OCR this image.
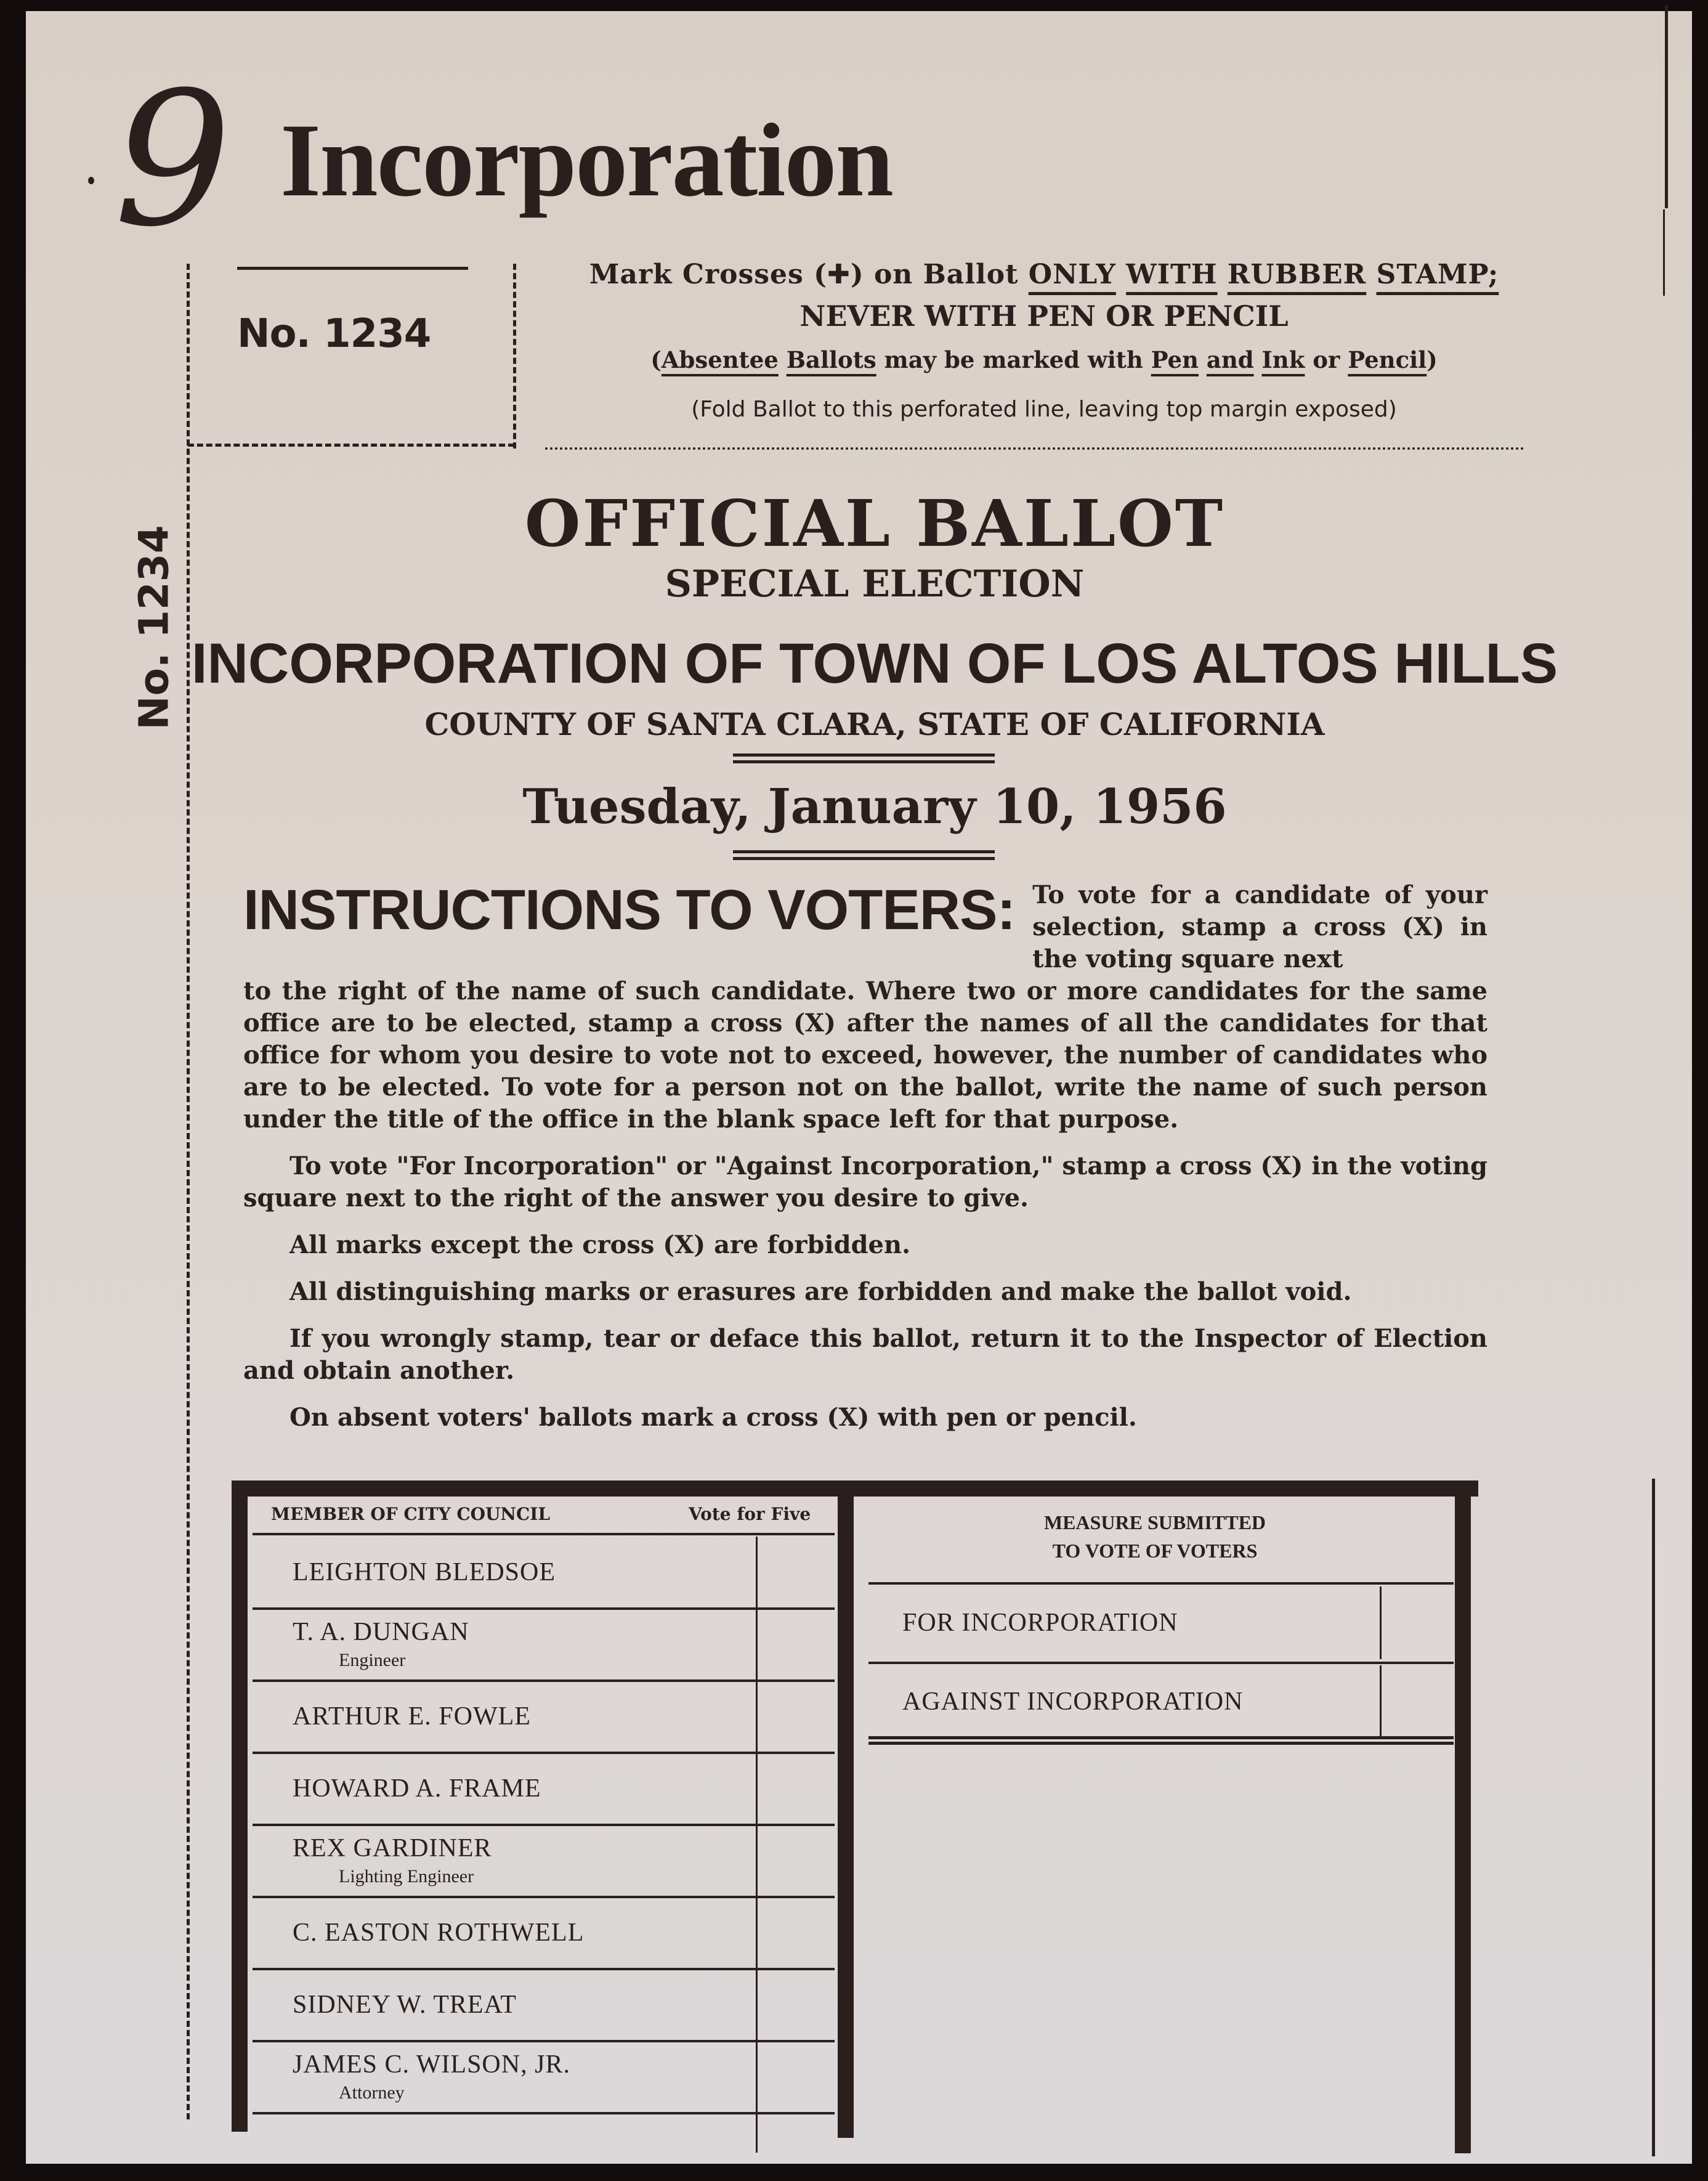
9 Incorporation
No. 1234
No. 1234
Mark Crosses (✚) on Ballot ONLY WITH RUBBER STAMP;
NEVER WITH PEN OR PENCIL
(Absentee Ballots may be marked with Pen and Ink or Pencil)
(Fold Ballot to this perforated line, leaving top margin exposed)
OFFICIAL BALLOT
SPECIAL ELECTION
INCORPORATION OF TOWN OF LOS ALTOS HILLS
COUNTY OF SANTA CLARA, STATE OF CALIFORNIA
Tuesday, January 10, 1956
INSTRUCTIONS TO VOTERS: To vote for a candidate of your selection, stamp a cross (X) in the voting square next

to the right of the name of such candidate. Where two or more candidates for the same office are to be elected, stamp a cross (X) after the names of all the candidates for that office for whom you desire to vote not to exceed, however, the number of candidates who are to be elected. To vote for a person not on the ballot, write the name of such person under the title of the office in the blank space left for that purpose.

To vote "For Incorporation" or "Against Incorporation," stamp a cross (X) in the voting square next to the right of the answer you desire to give.

All marks except the cross (X) are forbidden.

All distinguishing marks or erasures are forbidden and make the ballot void.

If you wrongly stamp, tear or deface this ballot, return it to the Inspector of Election and obtain another.

On absent voters' ballots mark a cross (X) with pen or pencil.

MEMBER OF CITY COUNCIL	Vote for Five
LEIGHTON BLEDSOE
T. A. DUNGAN
Engineer
ARTHUR E. FOWLE
HOWARD A. FRAME
REX GARDINER
Lighting Engineer
C. EASTON ROTHWELL
SIDNEY W. TREAT
JAMES C. WILSON, JR.
Attorney
MEASURE SUBMITTED
TO VOTE OF VOTERS
FOR INCORPORATION
AGAINST INCORPORATION
